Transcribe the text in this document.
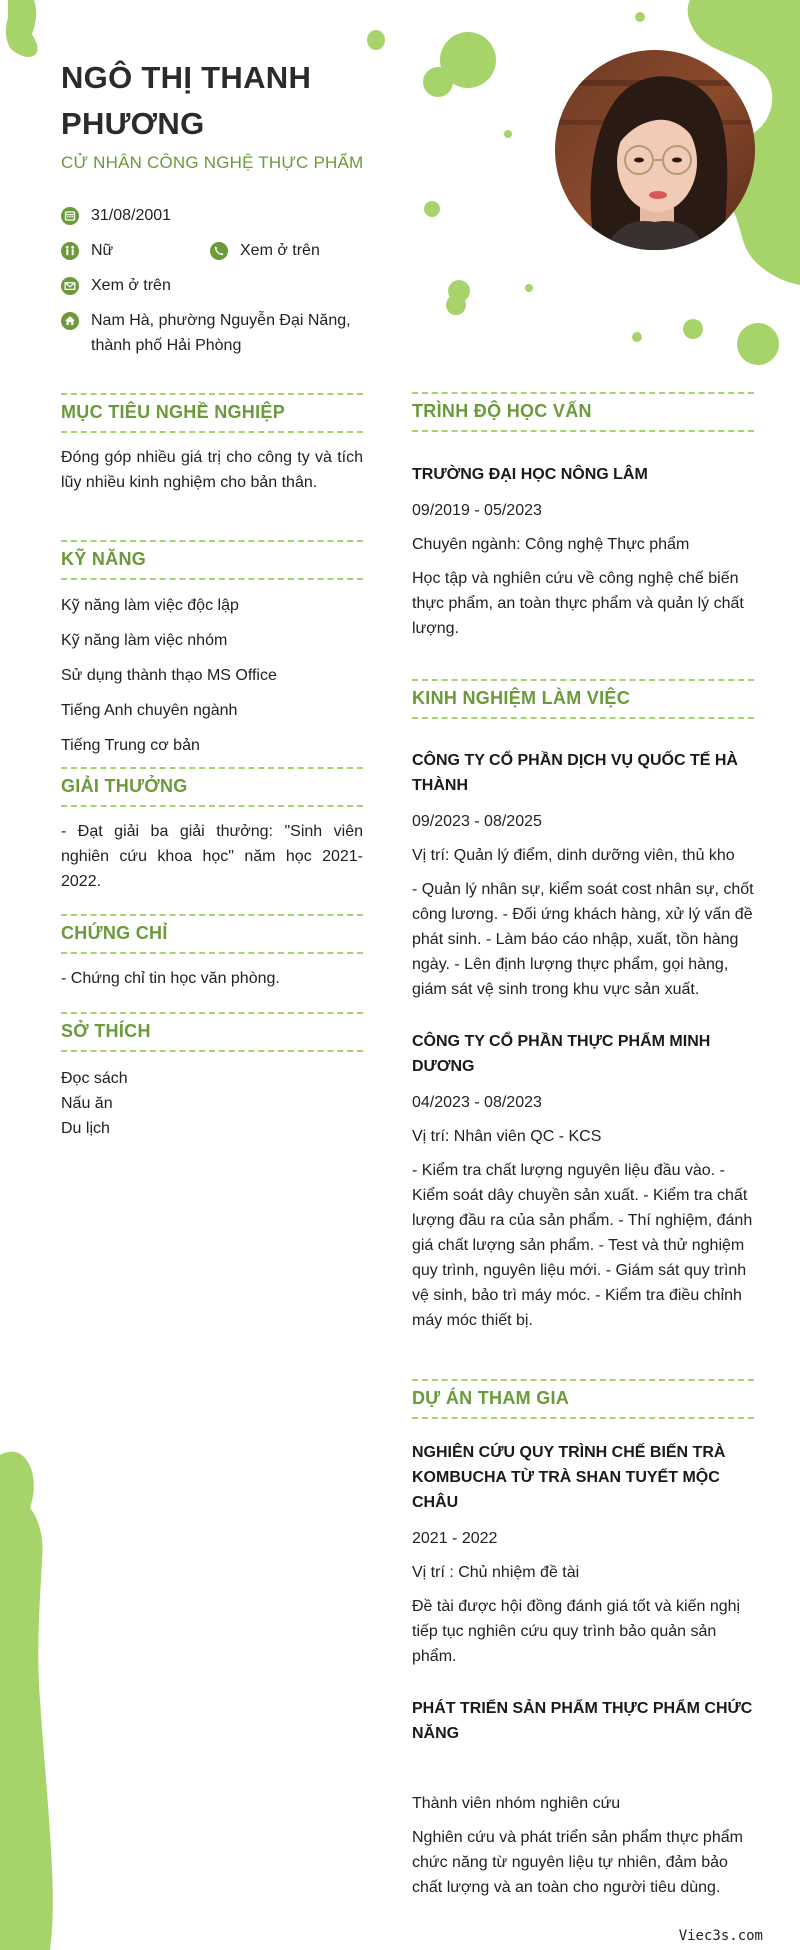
NGÔ THỊ THANH PHƯƠNG
CỬ NHÂN CÔNG NGHỆ THỰC PHẨM
31/08/2001
Nữ	Xem ở trên
Xem ở trên
Nam Hà, phường Nguyễn Đại Năng, thành phố Hải Phòng
MỤC TIÊU NGHỀ NGHIỆP
Đóng góp nhiều giá trị cho công ty và tích lũy nhiều kinh nghiệm cho bản thân.
KỸ NĂNG
Kỹ năng làm việc độc lập
Kỹ năng làm việc nhóm
Sử dụng thành thạo MS Office
Tiếng Anh chuyên ngành
Tiếng Trung cơ bản
GIẢI THƯỞNG
- Đạt giải ba giải thưởng: "Sinh viên nghiên cứu khoa học" năm học 2021-2022.
CHỨNG CHỈ
- Chứng chỉ tin học văn phòng.
SỞ THÍCH
Đọc sách
Nấu ăn
Du lịch
TRÌNH ĐỘ HỌC VẤN
TRƯỜNG ĐẠI HỌC NÔNG LÂM
09/2019 - 05/2023
Chuyên ngành: Công nghệ Thực phẩm
Học tập và nghiên cứu về công nghệ chế biến thực phẩm, an toàn thực phẩm và quản lý chất lượng.
KINH NGHIỆM LÀM VIỆC
CÔNG TY CỔ PHẦN DỊCH VỤ QUỐC TẾ HÀ THÀNH
09/2023 - 08/2025
Vị trí: Quản lý điểm, dinh dưỡng viên, thủ kho
- Quản lý nhân sự, kiểm soát cost nhân sự, chốt công lương. - Đối ứng khách hàng, xử lý vấn đề phát sinh. - Làm báo cáo nhập, xuất, tồn hàng ngày. - Lên định lượng thực phẩm, gọi hàng, giám sát vệ sinh trong khu vực sản xuất.
CÔNG TY CỔ PHẦN THỰC PHẨM MINH DƯƠNG
04/2023 - 08/2023
Vị trí: Nhân viên QC - KCS
- Kiểm tra chất lượng nguyên liệu đầu vào. - Kiểm soát dây chuyền sản xuất. - Kiểm tra chất lượng đầu ra của sản phẩm. - Thí nghiệm, đánh giá chất lượng sản phẩm. - Test và thử nghiệm quy trình, nguyên liệu mới. - Giám sát quy trình vệ sinh, bảo trì máy móc. - Kiểm tra điều chỉnh máy móc thiết bị.
DỰ ÁN THAM GIA
NGHIÊN CỨU QUY TRÌNH CHẾ BIẾN TRÀ KOMBUCHA TỪ TRÀ SHAN TUYẾT MỘC CHÂU
2021 - 2022
Vị trí : Chủ nhiệm đề tài
Đề tài được hội đồng đánh giá tốt và kiến nghị tiếp tục nghiên cứu quy trình bảo quản sản phẩm.
PHÁT TRIỂN SẢN PHẨM THỰC PHẨM CHỨC NĂNG
Thành viên nhóm nghiên cứu
Nghiên cứu và phát triển sản phẩm thực phẩm chức năng từ nguyên liệu tự nhiên, đảm bảo chất lượng và an toàn cho người tiêu dùng.
Viec3s.com
